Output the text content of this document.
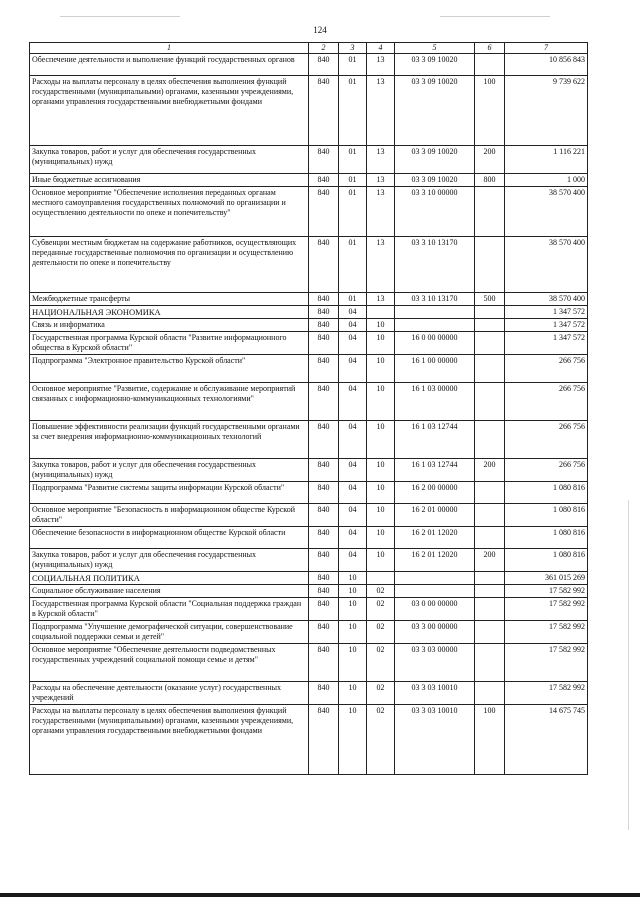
124
1	2	3	4	5	6	7
Обеспечение деятельности и выполнение функций государственных органов	840	01	13	03 3 09 10020		10 856 843
Расходы на выплаты персоналу в целях обеспечения выполнения функций государственными (муниципальными) органами, казенными учреждениями, органами управления государственными внебюджетными фондами	840	01	13	03 3 09 10020	100	9 739 622
Закупка товаров, работ и услуг для обеспечения государственных (муниципальных) нужд	840	01	13	03 3 09 10020	200	1 116 221
Иные бюджетные ассигнования	840	01	13	03 3 09 10020	800	1 000
Основное мероприятие "Обеспечение исполнения переданных органам местного самоуправления государственных полномочий по организации и осуществлению деятельности по опеке и попечительству"	840	01	13	03 3 10 00000		38 570 400
Субвенции местным бюджетам на содержание работников, осуществляющих переданные государственные полномочия по организации и осуществлению деятельности по опеке и попечительству	840	01	13	03 3 10 13170		38 570 400
Межбюджетные трансферты	840	01	13	03 3 10 13170	500	38 570 400
НАЦИОНАЛЬНАЯ ЭКОНОМИКА	840	04				1 347 572
Связь и информатика	840	04	10			1 347 572
Государственная программа Курской области "Развитие информационного общества в Курской области"	840	04	10	16 0 00 00000		1 347 572
Подпрограмма "Электронное правительство Курской области"	840	04	10	16 1 00 00000		266 756
Основное мероприятие "Развитие, содержание и обслуживание мероприятий связанных с информационно-коммуникационных технологиями"	840	04	10	16 1 03 00000		266 756
Повышение эффективности реализации функций государственными органами за счет внедрения информационно-коммуникационных технологий	840	04	10	16 1 03 12744		266 756
Закупка товаров, работ и услуг для обеспечения государственных (муниципальных) нужд	840	04	10	16 1 03 12744	200	266 756
Подпрограмма "Развитие системы защиты информации Курской области"	840	04	10	16 2 00 00000		1 080 816
Основное мероприятие "Безопасность в информационном обществе Курской области"	840	04	10	16 2 01 00000		1 080 816
Обеспечение безопасности в информационном обществе Курской области	840	04	10	16 2 01 12020		1 080 816
Закупка товаров, работ и услуг для обеспечения государственных (муниципальных) нужд	840	04	10	16 2 01 12020	200	1 080 816
СОЦИАЛЬНАЯ ПОЛИТИКА	840	10				361 015 269
Социальное обслуживание населения	840	10	02			17 582 992
Государственная программа Курской области "Социальная поддержка граждан в Курской области"	840	10	02	03 0 00 00000		17 582 992
Подпрограмма "Улучшение демографической ситуации, совершенствование социальной поддержки семьи и детей"	840	10	02	03 3 00 00000		17 582 992
Основное мероприятие "Обеспечение деятельности подведомственных государственных учреждений социальной помощи семье и детям"	840	10	02	03 3 03 00000		17 582 992
Расходы на обеспечение деятельности (оказание услуг) государственных учреждений	840	10	02	03 3 03 10010		17 582 992
Расходы на выплаты персоналу в целях обеспечения выполнения функций государственными (муниципальными) органами, казенными учреждениями, органами управления государственными внебюджетными фондами	840	10	02	03 3 03 10010	100	14 675 745
